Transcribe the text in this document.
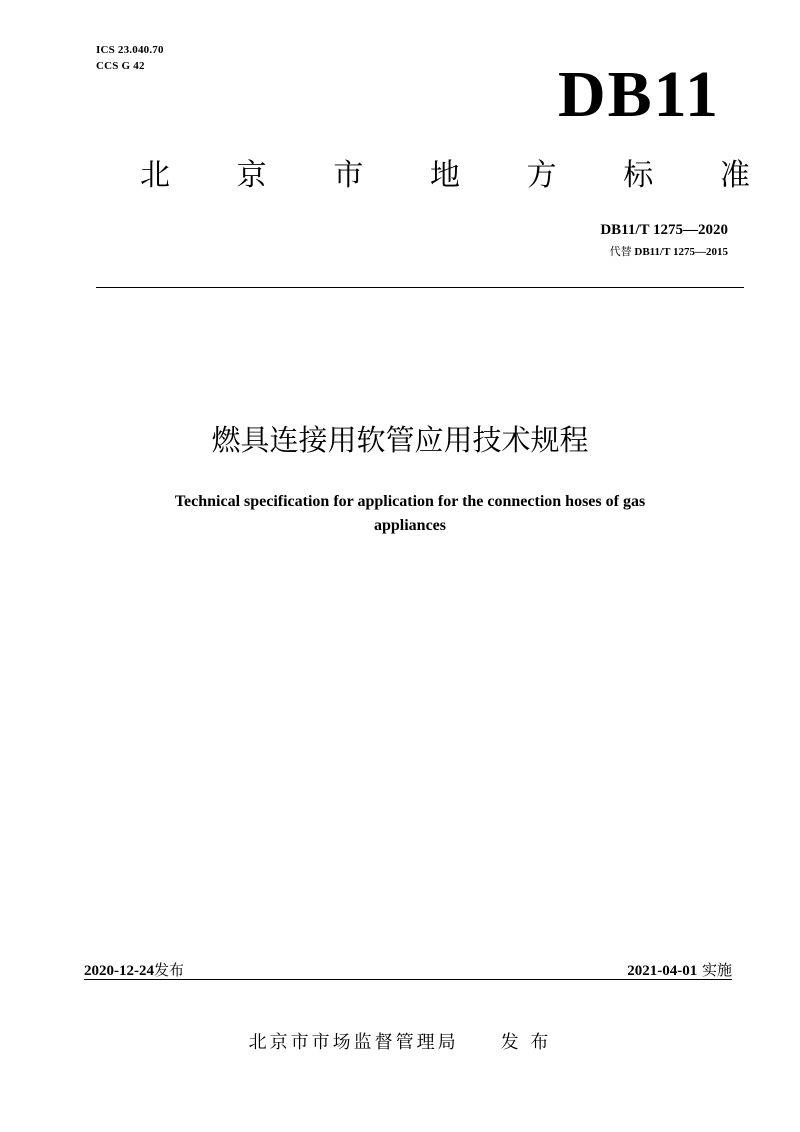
ICS 23.040.70
CCS G 42	DB11
北 京 市 地 方 标 准
DB11/T 1275—2020
代替 DB11/T 1275—2015
燃具连接用软管应用技术规程
Technical specification for application for the connection hoses of gas
appliances
2020-12-24发布	2021-04-01 实施
北京市市场监督管理局 发 布
